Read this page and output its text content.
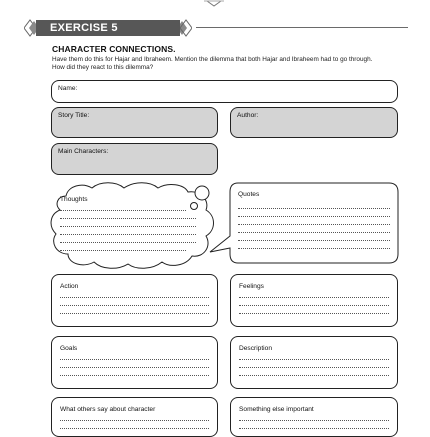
EXERCISE 5
CHARACTER CONNECTIONS.
Have them do this for Hajar and Ibraheem. Mention the dilemma that both Hajar and Ibraheem had to go through. How did they react to this dilemma?
Name:
Story Title:	Author:
Main Characters:
Thoughts
Quotes
Action	Feelings
Goals	Description
What others say about character	Something else important
